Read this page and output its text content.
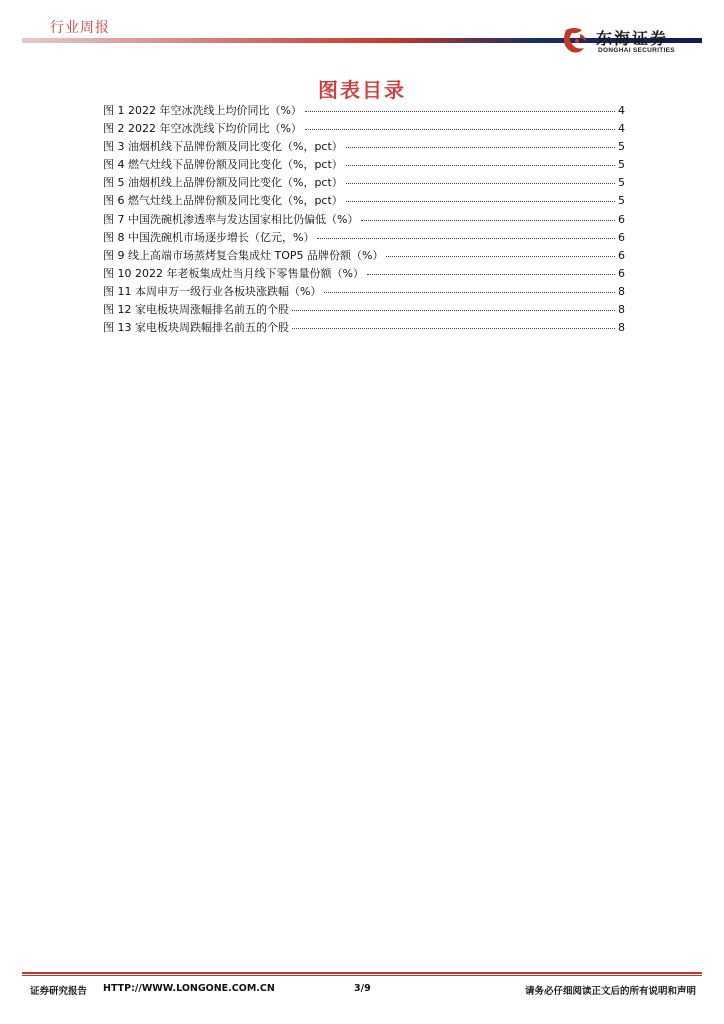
行业周报
东海证券
DONGHAI SECURITIES
图表目录
图 1 2022 年空冰洗线上均价同比（%）	4
图 2 2022 年空冰洗线下均价同比（%）	4
图 3 油烟机线下品牌份额及同比变化（%，pct）	5
图 4 燃气灶线下品牌份额及同比变化（%，pct）	5
图 5 油烟机线上品牌份额及同比变化（%，pct）	5
图 6 燃气灶线上品牌份额及同比变化（%，pct）	5
图 7 中国洗碗机渗透率与发达国家相比仍偏低（%）	6
图 8 中国洗碗机市场逐步增长（亿元，%）	6
图 9 线上高端市场蒸烤复合集成灶 TOP5 品牌份额（%）	6
图 10 2022 年老板集成灶当月线下零售量份额（%）	6
图 11 本周申万一级行业各板块涨跌幅（%）	8
图 12 家电板块周涨幅排名前五的个股	8
图 13 家电板块周跌幅排名前五的个股	8
证券研究报告 HTTP://WWW.LONGONE.COM.CN	3/9	请务必仔细阅读正文后的所有说明和声明
